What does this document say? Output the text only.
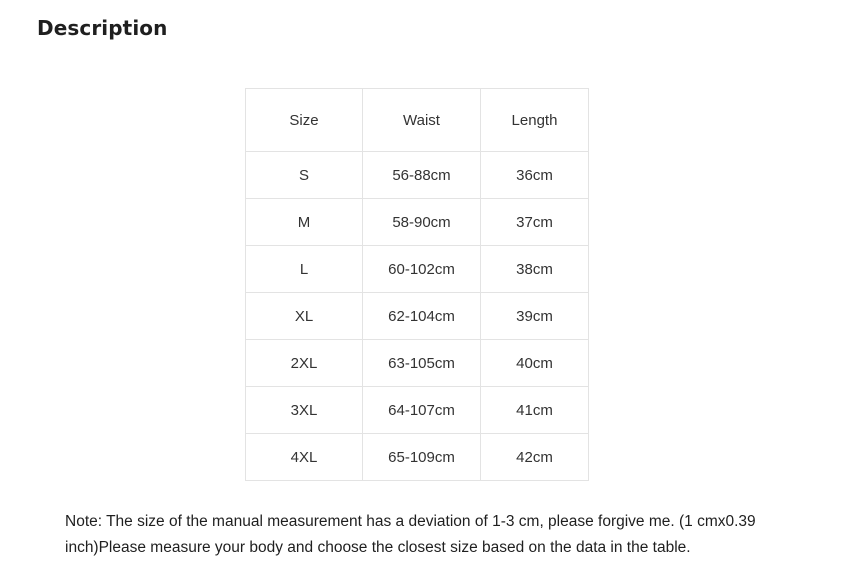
Description
Size	Waist	Length
S	56-88cm	36cm
M	58-90cm	37cm
L	60-102cm	38cm
XL	62-104cm	39cm
2XL	63-105cm	40cm
3XL	64-107cm	41cm
4XL	65-109cm	42cm

Note: The size of the manual measurement has a deviation of 1-3 cm, please forgive me. (1 cmx0.39 inch)Please measure your body and choose the closest size based on the data in the table.
